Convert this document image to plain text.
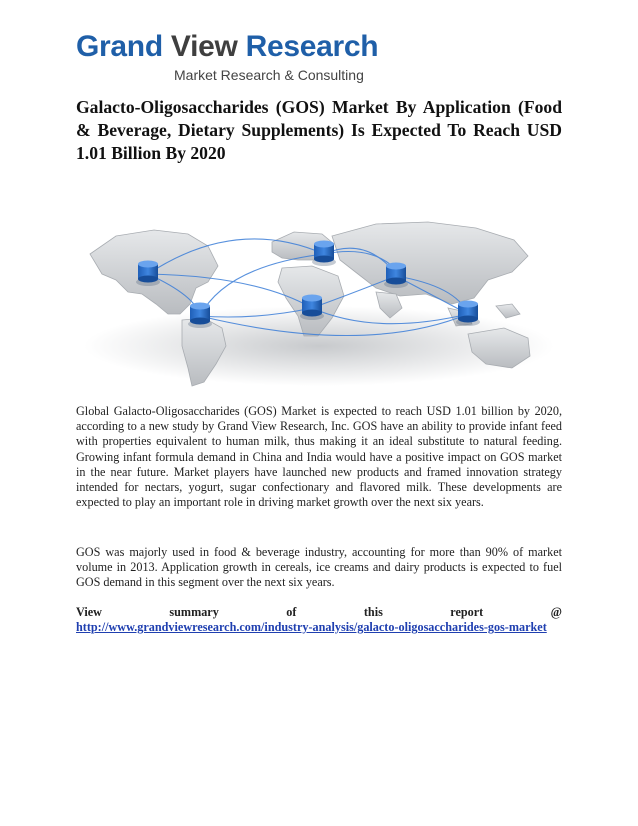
Grand View Research
Market Research & Consulting
Galacto-Oligosaccharides (GOS) Market By Application (Food & Beverage, Dietary Supplements) Is Expected To Reach USD 1.01 Billion By 2020

Global Galacto-Oligosaccharides (GOS) Market is expected to reach USD 1.01 billion by 2020, according to a new study by Grand View Research, Inc. GOS have an ability to provide infant feed with properties equivalent to human milk, thus making it an ideal substitute to natural feeding. Growing infant formula demand in China and India would have a positive impact on GOS market in the near future. Market players have launched new products and framed innovation strategy intended for nectars, yogurt, sugar confectionary and flavored milk. These developments are expected to play an important role in driving market growth over the next six years.

GOS was majorly used in food & beverage industry, accounting for more than 90% of market volume in 2013. Application growth in cereals, ice creams and dairy products is expected to fuel GOS demand in this segment over the next six years.

View summary of this report @ http://www.grandviewresearch.com/industry-analysis/galacto-oligosaccharides-gos-market
